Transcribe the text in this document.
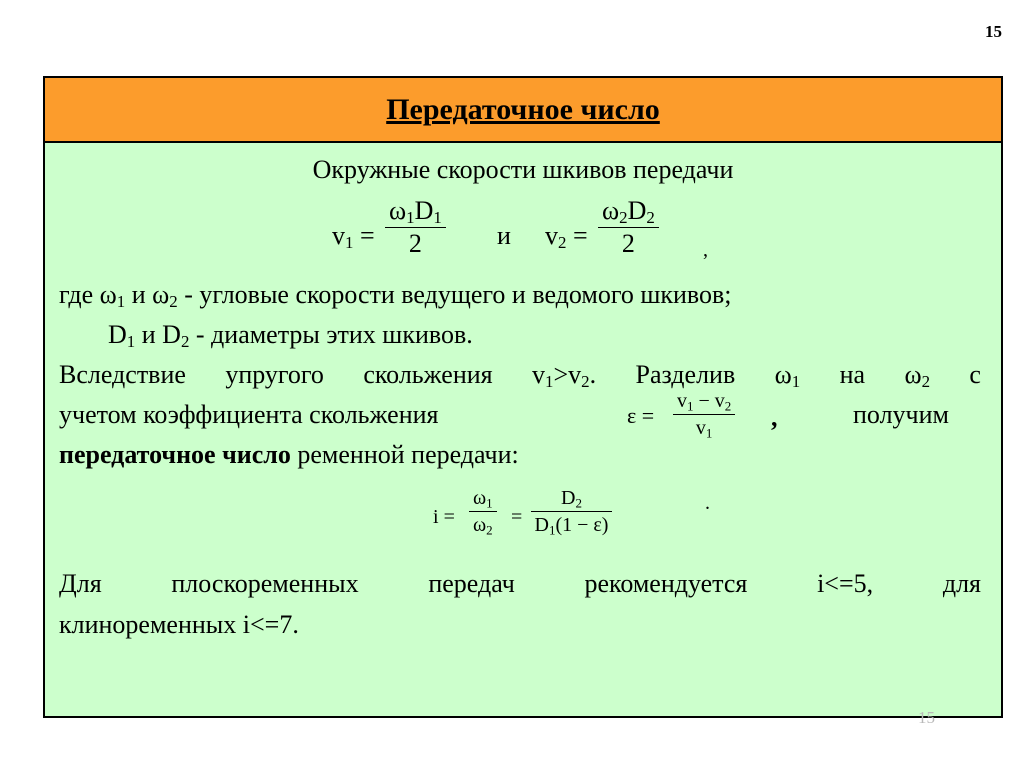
15
Передаточное число
Окружные скорости шкивов передачи
$v_1 = \frac{\omega_1D_1}{2}$ и $v_2 = \frac{\omega_2D_2}{2}$ ,
где $\omega_1$ и $\omega_2$ - угловые скорости ведущего и ведомого шкивов;
$D_1$ и $D_2$ - диаметры этих шкивов.
Вследствие упругого скольжения $v_1>v_2$. Разделив $\omega_1$ на $\omega_2$ с
учетом коэффициента скольжения	$\varepsilon = \frac{v_1 - v_2}{v_1}$ ,	получим
передаточное число ременной передачи:
$i = \frac{\omega_1}{\omega_2} = \frac{D_2}{D_1(1 - \varepsilon)}$	.
Для плоскоременных передач рекомендуется i<=5, для
клиноременных i<=7.
15
